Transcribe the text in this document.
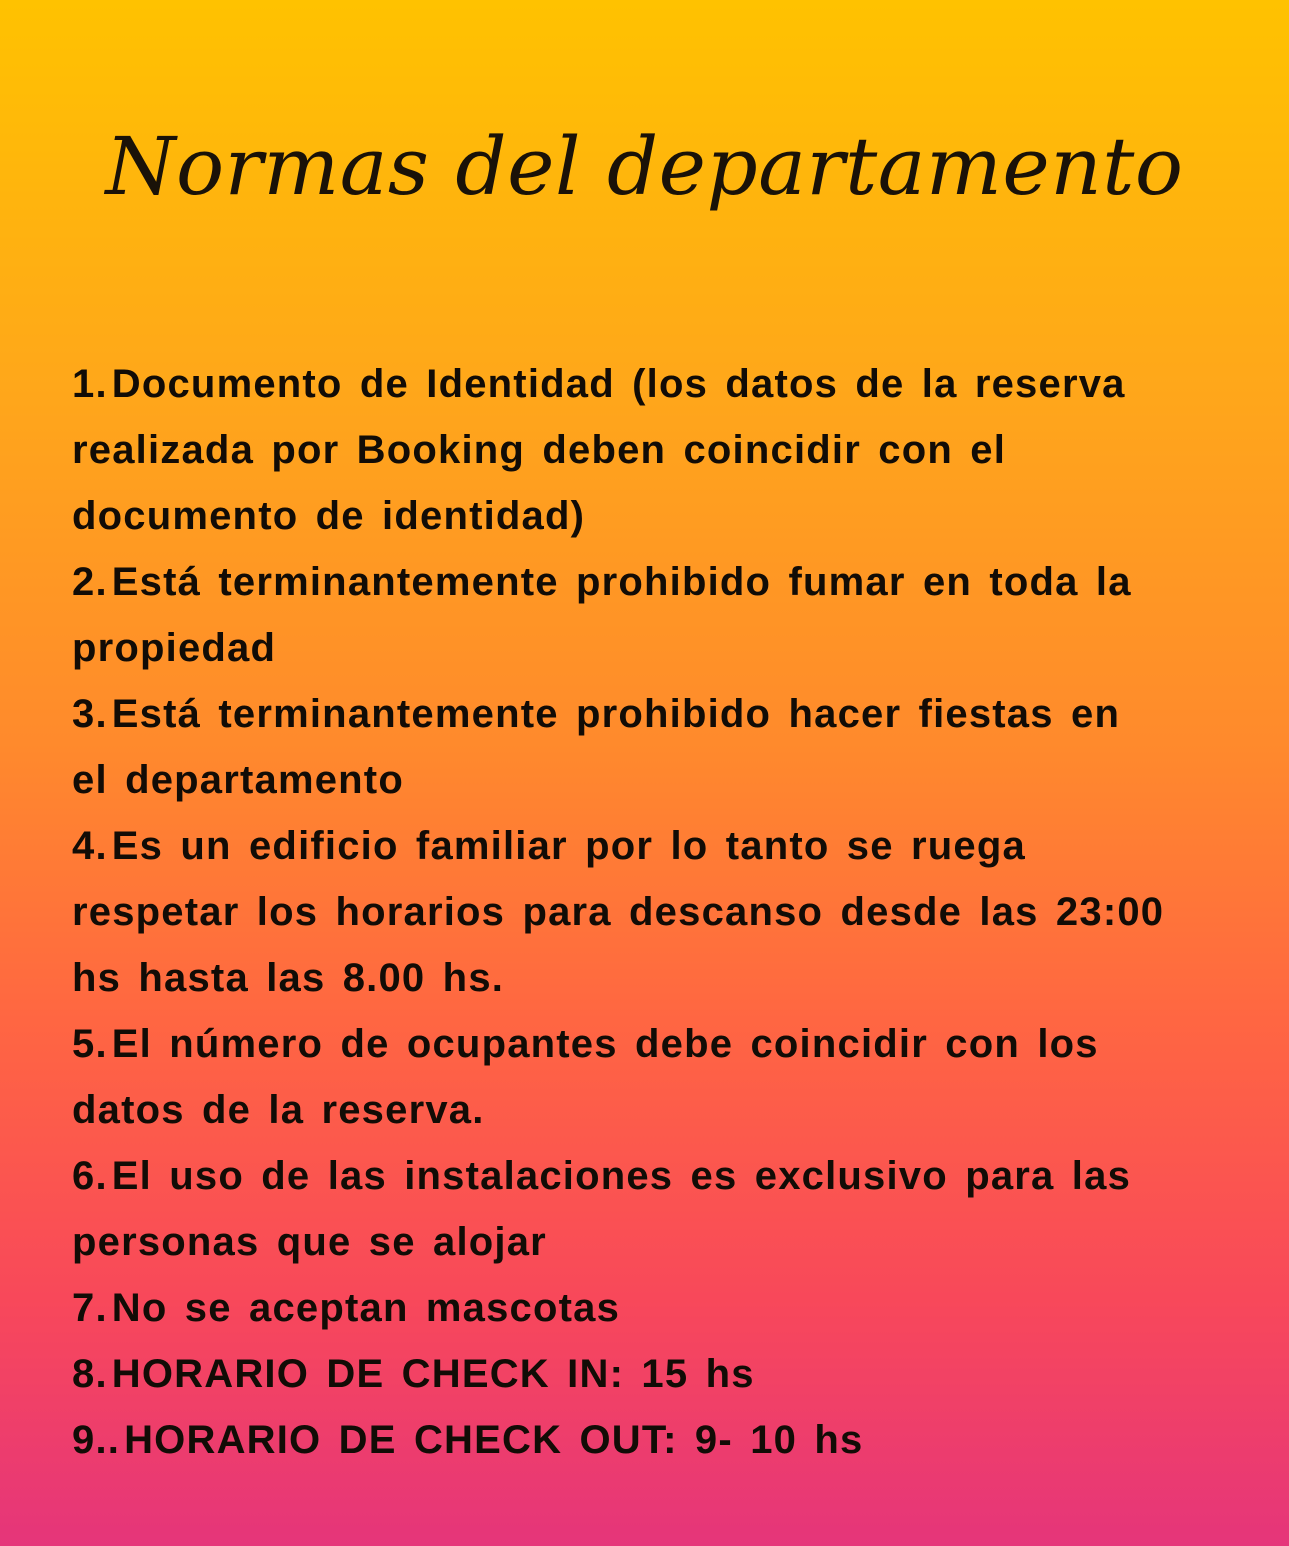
Normas del departamento
1. Documento de Identidad (los datos de la reserva
realizada por Booking deben coincidir con el
documento de identidad)
2. Está terminantemente prohibido fumar en toda la
propiedad
3. Está terminantemente prohibido hacer fiestas en
el departamento
4. Es un edificio familiar por lo tanto se ruega
respetar los horarios para descanso desde las 23:00
hs hasta las 8.00 hs.
5. El número de ocupantes debe coincidir con los
datos de la reserva.
6. El uso de las instalaciones es exclusivo para las
personas que se alojar
7. No se aceptan mascotas
8. HORARIO DE CHECK IN: 15 hs
9.. HORARIO DE CHECK OUT: 9- 10 hs
